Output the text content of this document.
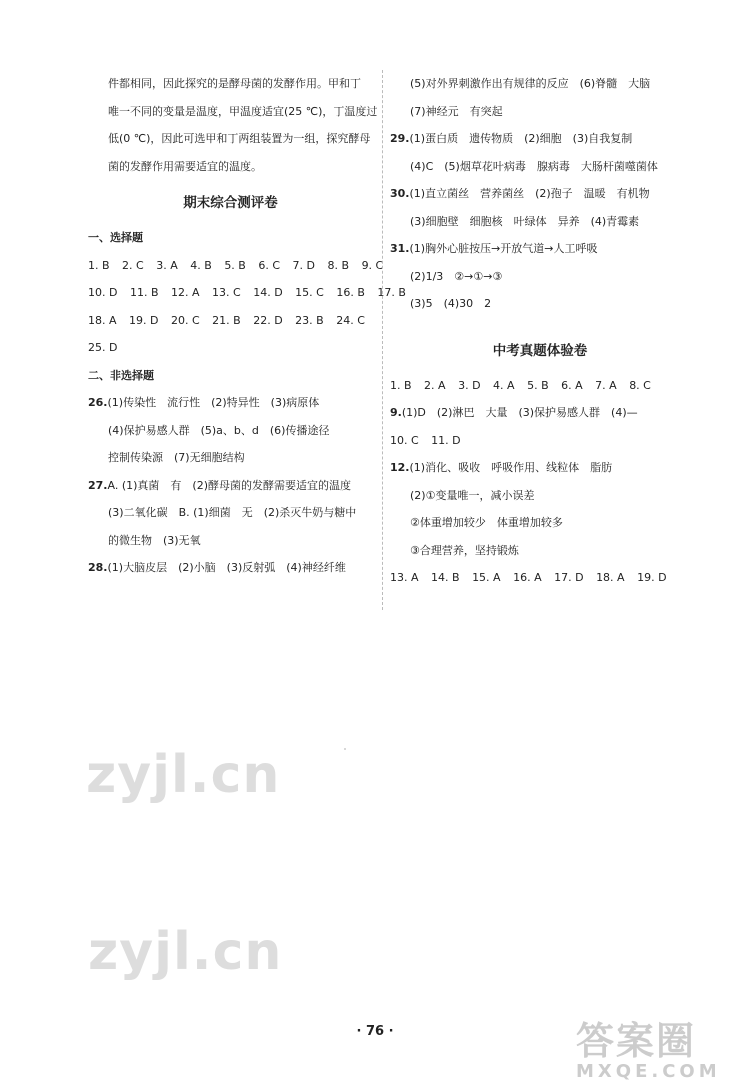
件都相同，因此探究的是酵母菌的发酵作用。甲和丁
唯一不同的变量是温度，甲温度适宜(25 ℃)，丁温度过
低(0 ℃)，因此可选甲和丁两组装置为一组，探究酵母
菌的发酵作用需要适宜的温度。
期末综合测评卷
一、选择题
1. B 2. C 3. A 4. B 5. B 6. C 7. D 8. B 9. C
10. D 11. B 12. A 13. C 14. D 15. C 16. B 17. B
18. A 19. D 20. C 21. B 22. D 23. B 24. C
25. D
二、非选择题
26.(1)传染性　流行性　(2)特异性　(3)病原体
(4)保护易感人群　(5)a、b、d　(6)传播途径
控制传染源　(7)无细胞结构
27.A. (1)真菌　有　(2)酵母菌的发酵需要适宜的温度
(3)二氧化碳　B. (1)细菌　无　(2)杀灭牛奶与糖中
的微生物　(3)无氧
28.(1)大脑皮层　(2)小脑　(3)反射弧　(4)神经纤维
(5)对外界刺激作出有规律的反应　(6)脊髓　大脑
(7)神经元　有突起
29.(1)蛋白质　遗传物质　(2)细胞　(3)自我复制
(4)C　(5)烟草花叶病毒　腺病毒　大肠杆菌噬菌体
30.(1)直立菌丝　营养菌丝　(2)孢子　温暖　有机物
(3)细胞壁　细胞核　叶绿体　异养　(4)青霉素
31.(1)胸外心脏按压→开放气道→人工呼吸
(2)1/3　②→①→③
(3)5　(4)30　2
中考真题体验卷
1. B 2. A 3. D 4. A 5. B 6. A 7. A 8. C
9.(1)D　(2)淋巴　大量　(3)保护易感人群　(4)—
10. C 11. D
12.(1)消化、吸收　呼吸作用、线粒体　脂肪
(2)①变量唯一，减小误差
②体重增加较少　体重增加较多
③合理营养，坚持锻炼
13. A 14. B 15. A 16. A 17. D 18. A 19. D
zyjl.cn
zyjl.cn
· 76 ·	答案圈
MXQE.COM
